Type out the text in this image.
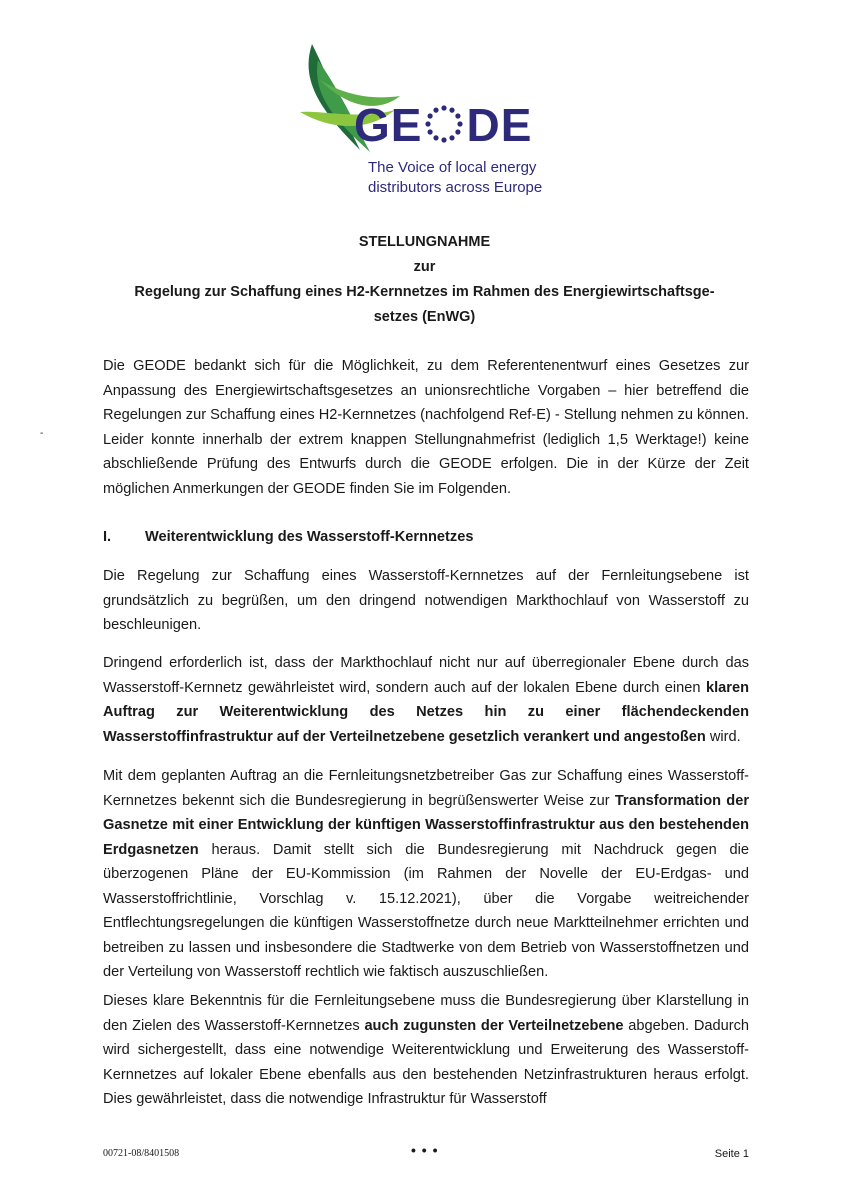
GE DE
The Voice of local energy
distributors across Europe
STELLUNGNAHME
zur
Regelung zur Schaffung eines H2-Kernnetzes im Rahmen des Energiewirtschaftsge-
setzes (EnWG)
-
Die GEODE bedankt sich für die Möglichkeit, zu dem Referentenentwurf eines Gesetzes zur Anpassung des Energiewirtschaftsgesetzes an unionsrechtliche Vorgaben – hier betreffend die Regelungen zur Schaffung eines H2-Kernnetzes (nachfolgend Ref-E) - Stellung nehmen zu können. Leider konnte innerhalb der extrem knappen Stellungnahmefrist (lediglich 1,5 Werktage!) keine abschließende Prüfung des Entwurfs durch die GEODE erfolgen. Die in der Kürze der Zeit möglichen Anmerkungen der GEODE finden Sie im Folgenden.
I. Weiterentwicklung des Wasserstoff-Kernnetzes
Die Regelung zur Schaffung eines Wasserstoff-Kernnetzes auf der Fernleitungsebene ist grundsätzlich zu begrüßen, um den dringend notwendigen Markthochlauf von Wasserstoff zu beschleunigen.
Dringend erforderlich ist, dass der Markthochlauf nicht nur auf überregionaler Ebene durch das Wasserstoff-Kernnetz gewährleistet wird, sondern auch auf der lokalen Ebene durch einen klaren Auftrag zur Weiterentwicklung des Netzes hin zu einer flächendeckenden Wasserstoffinfrastruktur auf der Verteilnetzebene gesetzlich verankert und angestoßen wird.
Mit dem geplanten Auftrag an die Fernleitungsnetzbetreiber Gas zur Schaffung eines Wasserstoff-Kernnetzes bekennt sich die Bundesregierung in begrüßenswerter Weise zur Transformation der Gasnetze mit einer Entwicklung der künftigen Wasserstoffinfrastruktur aus den bestehenden Erdgasnetzen heraus. Damit stellt sich die Bundesregierung mit Nachdruck gegen die überzogenen Pläne der EU-Kommission (im Rahmen der Novelle der EU-Erdgas- und Wasserstoffrichtlinie, Vorschlag v. 15.12.2021), über die Vorgabe weitreichender Entflechtungsregelungen die künftigen Wasserstoffnetze durch neue Marktteilnehmer errichten und betreiben zu lassen und insbesondere die Stadtwerke von dem Betrieb von Wasserstoffnetzen und der Verteilung von Wasserstoff rechtlich wie faktisch auszuschließen.
Dieses klare Bekenntnis für die Fernleitungsebene muss die Bundesregierung über Klarstellung in den Zielen des Wasserstoff-Kernnetzes auch zugunsten der Verteilnetzebene abgeben. Dadurch wird sichergestellt, dass eine notwendige Weiterentwicklung und Erweiterung des Wasserstoff-Kernnetzes auf lokaler Ebene ebenfalls aus den bestehenden Netzinfrastrukturen heraus erfolgt. Dies gewährleistet, dass die notwendige Infrastruktur für Wasserstoff
00721-08/8401508	• • •	Seite 1
